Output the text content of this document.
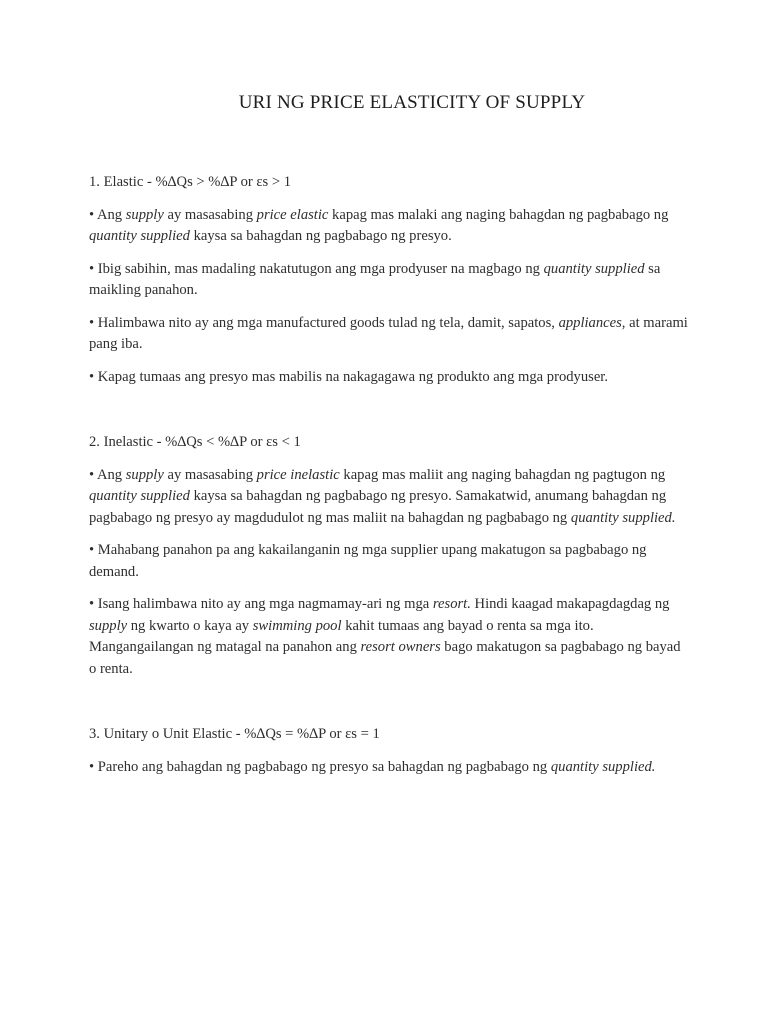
URI NG PRICE ELASTICITY OF SUPPLY

1. Elastic - %∆Qs > %∆P or εs > 1

• Ang supply ay masasabing price elastic kapag mas malaki ang naging bahagdan ng pagbabago ng quantity supplied kaysa sa bahagdan ng pagbabago ng presyo.

• Ibig sabihin, mas madaling nakatutugon ang mga prodyuser na magbago ng quantity supplied sa maikling panahon.

• Halimbawa nito ay ang mga manufactured goods tulad ng tela, damit, sapatos, appliances, at marami pang iba.

• Kapag tumaas ang presyo mas mabilis na nakagagawa ng produkto ang mga prodyuser.

2. Inelastic - %∆Qs < %∆P or εs < 1

• Ang supply ay masasabing price inelastic kapag mas maliit ang naging bahagdan ng pagtugon ng quantity supplied kaysa sa bahagdan ng pagbabago ng presyo. Samakatwid, anumang bahagdan ng pagbabago ng presyo ay magdudulot ng mas maliit na bahagdan ng pagbabago ng quantity supplied.

• Mahabang panahon pa ang kakailanganin ng mga supplier upang makatugon sa pagbabago ng demand.

• Isang halimbawa nito ay ang mga nagmamay-ari ng mga resort. Hindi kaagad makapagdagdag ng supply ng kwarto o kaya ay swimming pool kahit tumaas ang bayad o renta sa mga ito. Mangangailangan ng matagal na panahon ang resort owners bago makatugon sa pagbabago ng bayad o renta.

3. Unitary o Unit Elastic - %∆Qs = %∆P or εs = 1

• Pareho ang bahagdan ng pagbabago ng presyo sa bahagdan ng pagbabago ng quantity supplied.
